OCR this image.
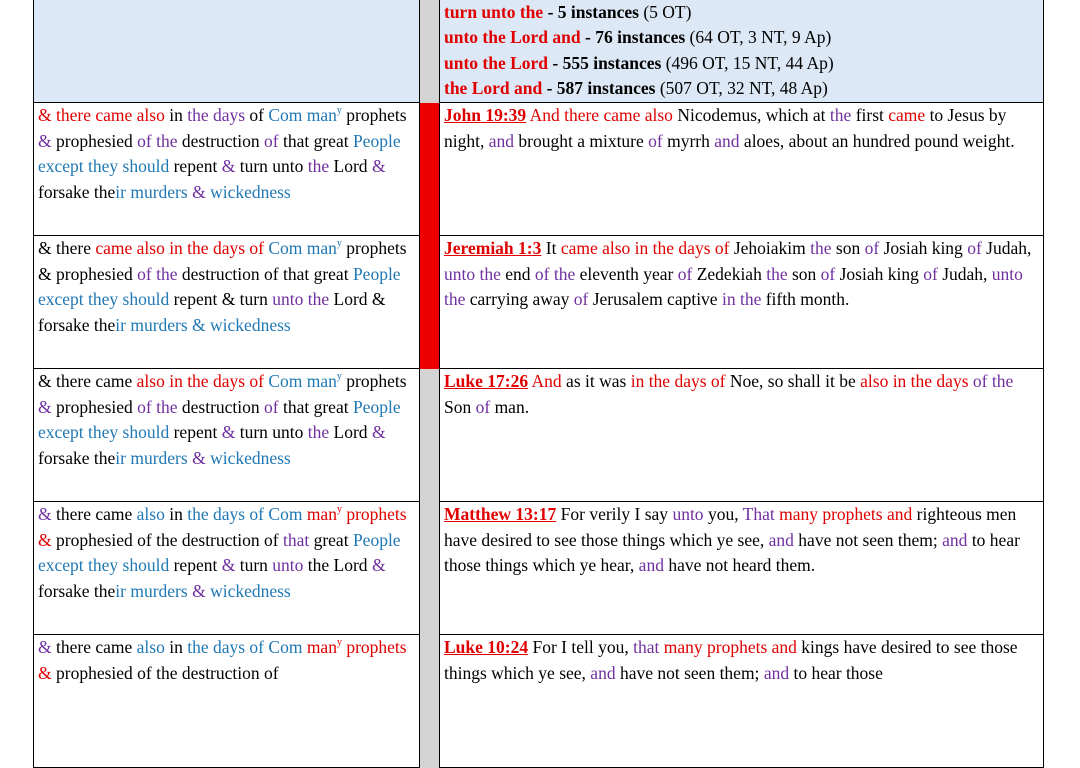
		turn unto the - 5 instances (5 OT)
unto the Lord and - 76 instances (64 OT, 3 NT, 9 Ap)
unto the Lord - 555 instances (496 OT, 15 NT, 44 Ap)
the Lord and - 587 instances (507 OT, 32 NT, 48 Ap)

& there came also in the days of Com man$^y$ prophets & prophesied of the destruction of that great People except they should repent & turn unto the Lord & forsake their murders & wickedness		John 19:39 And there came also Nicodemus, which at the first came to Jesus by night, and brought a mixture of myrrh and aloes, about an hundred pound weight.

& there came also in the days of Com man$^y$ prophets & prophesied of the destruction of that great People except they should repent & turn unto the Lord & forsake their murders & wickedness		Jeremiah 1:3 It came also in the days of Jehoiakim the son of Josiah king of Judah, unto the end of the eleventh year of Zedekiah the son of Josiah king of Judah, unto the carrying away of Jerusalem captive in the fifth month.

& there came also in the days of Com man$^y$ prophets & prophesied of the destruction of that great People except they should repent & turn unto the Lord & forsake their murders & wickedness		Luke 17:26 And as it was in the days of Noe, so shall it be also in the days of the Son of man.

& there came also in the days of Com man$^y$ prophets & prophesied of the destruction of that great People except they should repent & turn unto the Lord & forsake their murders & wickedness		Matthew 13:17 For verily I say unto you, That many prophets and righteous men have desired to see those things which ye see, and have not seen them; and to hear those things which ye hear, and have not heard them.

& there came also in the days of Com man$^y$ prophets & prophesied of the destruction of		Luke 10:24 For I tell you, that many prophets and kings have desired to see those things which ye see, and have not seen them; and to hear those
